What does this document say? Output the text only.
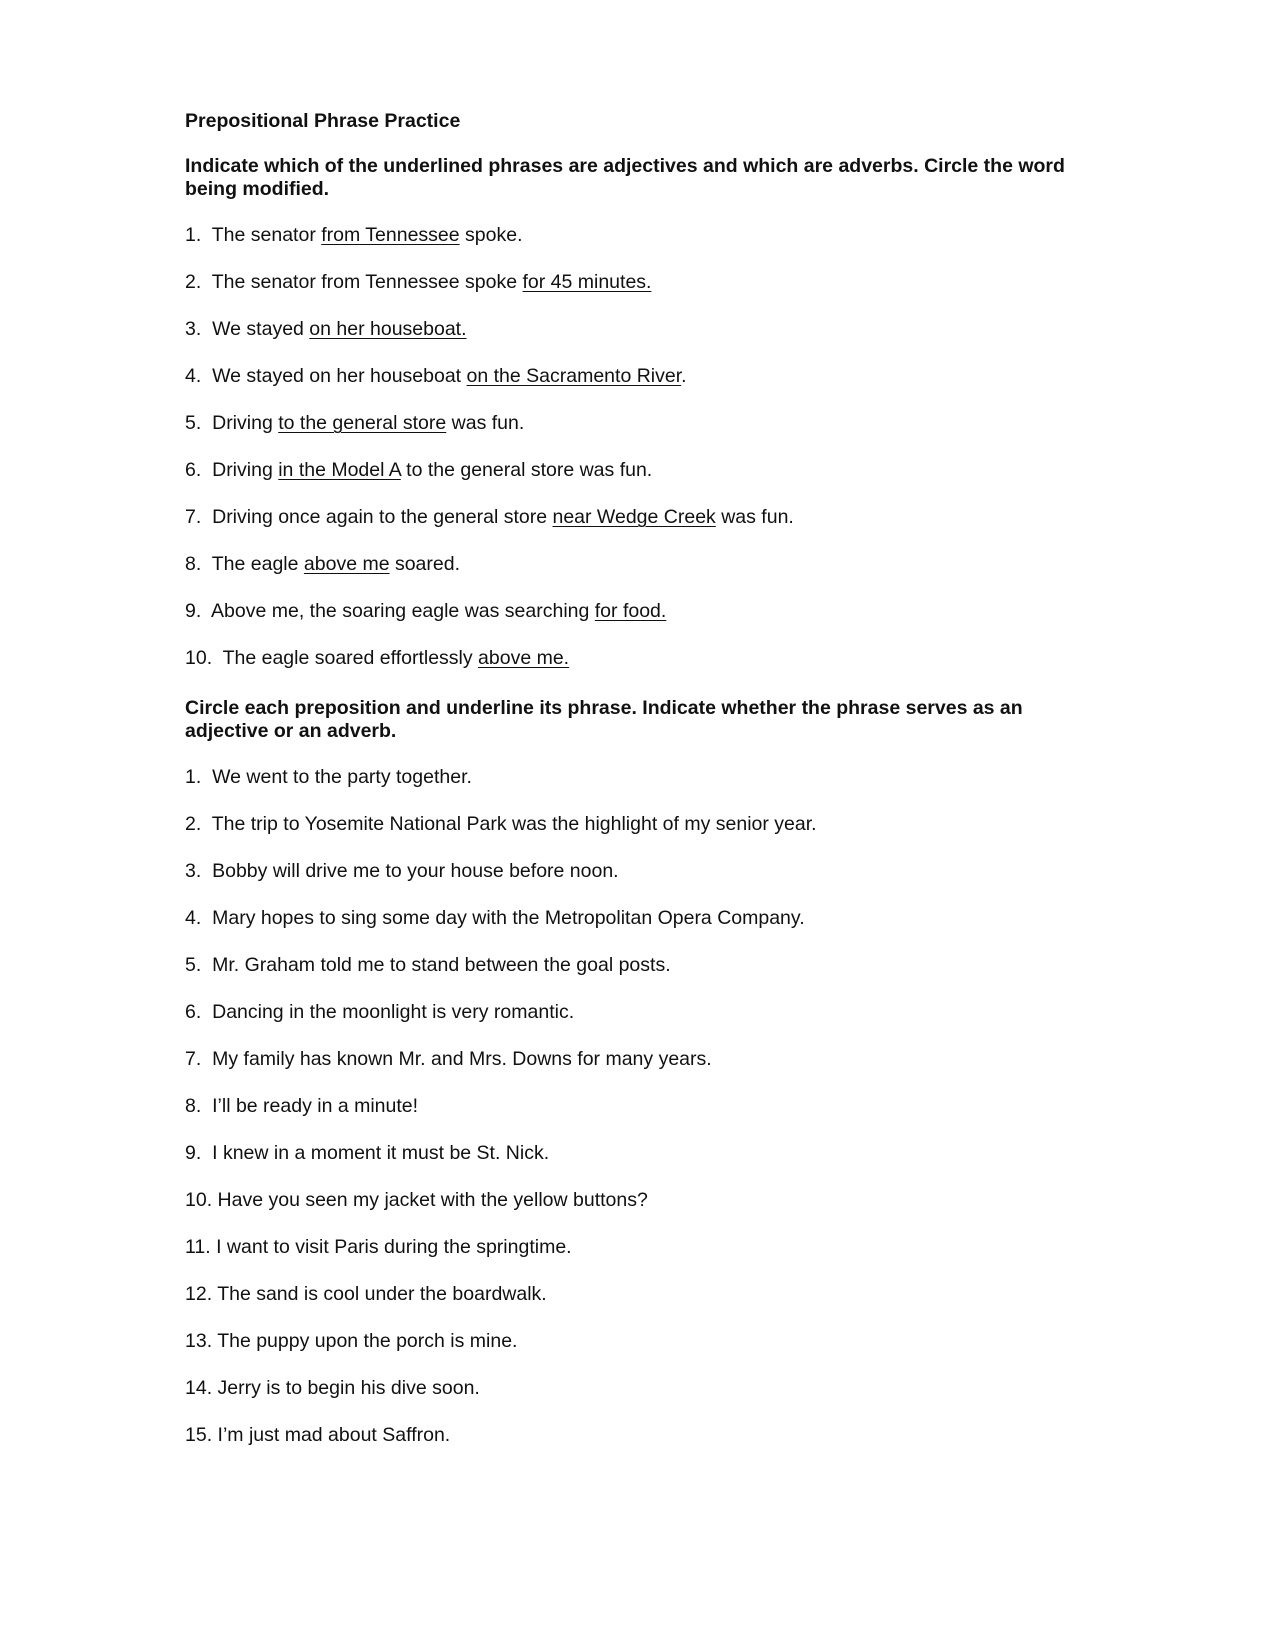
Prepositional Phrase Practice
Indicate which of the underlined phrases are adjectives and which are adverbs. Circle the word being modified.
1. The senator from Tennessee spoke.
2. The senator from Tennessee spoke for 45 minutes.
3. We stayed on her houseboat.
4. We stayed on her houseboat on the Sacramento River.
5. Driving to the general store was fun.
6. Driving in the Model A to the general store was fun.
7. Driving once again to the general store near Wedge Creek was fun.
8. The eagle above me soared.
9. Above me, the soaring eagle was searching for food.
10. The eagle soared effortlessly above me.
Circle each preposition and underline its phrase. Indicate whether the phrase serves as an adjective or an adverb.
1. We went to the party together.
2. The trip to Yosemite National Park was the highlight of my senior year.
3. Bobby will drive me to your house before noon.
4. Mary hopes to sing some day with the Metropolitan Opera Company.
5. Mr. Graham told me to stand between the goal posts.
6. Dancing in the moonlight is very romantic.
7. My family has known Mr. and Mrs. Downs for many years.
8. I’ll be ready in a minute!
9. I knew in a moment it must be St. Nick.
10. Have you seen my jacket with the yellow buttons?
11. I want to visit Paris during the springtime.
12. The sand is cool under the boardwalk.
13. The puppy upon the porch is mine.
14. Jerry is to begin his dive soon.
15. I’m just mad about Saffron.
